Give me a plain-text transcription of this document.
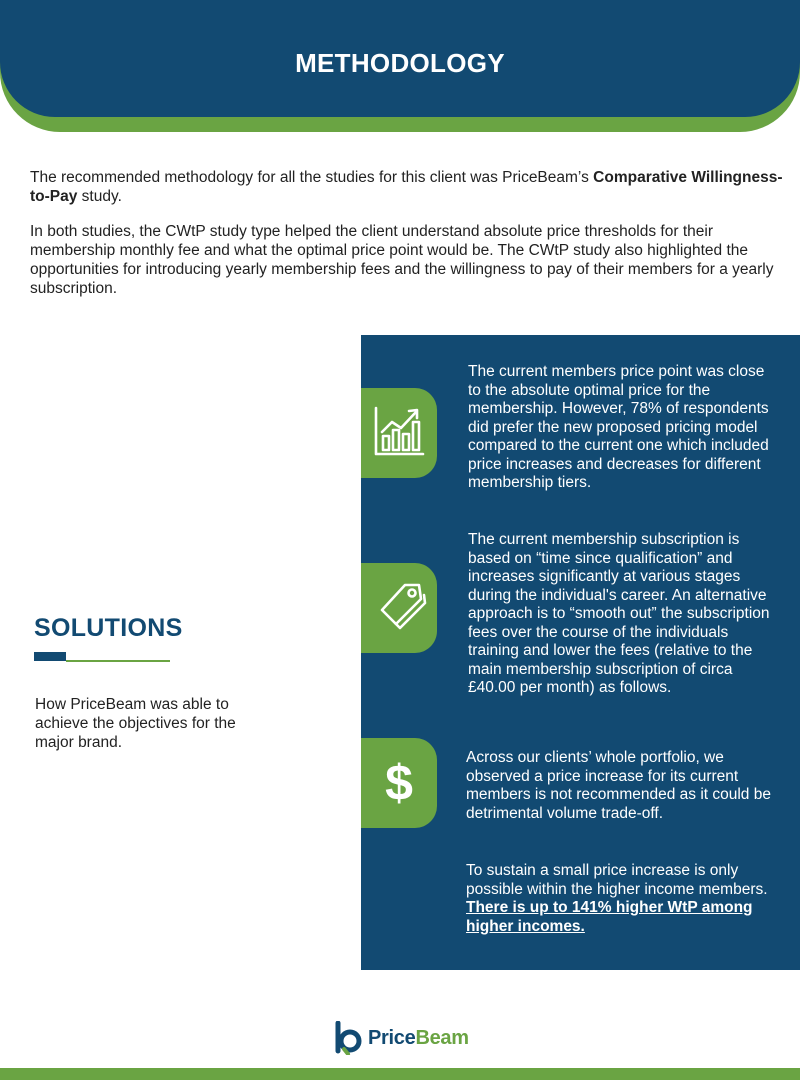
METHODOLOGY

The recommended methodology for all the studies for this client was PriceBeam’s Comparative Willingness-to-Pay study.

In both studies, the CWtP study type helped the client understand absolute price thresholds for their membership monthly fee and what the optimal price point would be. The CWtP study also highlighted the opportunities for introducing yearly membership fees and the willingness to pay of their members for a yearly subscription.

SOLUTIONS
How PriceBeam was able to achieve the objectives for the major brand.
$

The current members price point was close to the absolute optimal price for the membership. However, 78% of respondents did prefer the new proposed pricing model compared to the current one which included price increases and decreases for different membership tiers.

The current membership subscription is based on “time since qualification” and increases significantly at various stages during the individual's career. An alternative approach is to “smooth out” the subscription fees over the course of the individuals training and lower the fees (relative to the main membership subscription of circa £40.00 per month) as follows.

Across our clients’ whole portfolio, we observed a price increase for its current members is not recommended as it could be detrimental volume trade-off.

To sustain a small price increase is only possible within the higher income members. There is up to 141% higher WtP among higher incomes.

PriceBeam
